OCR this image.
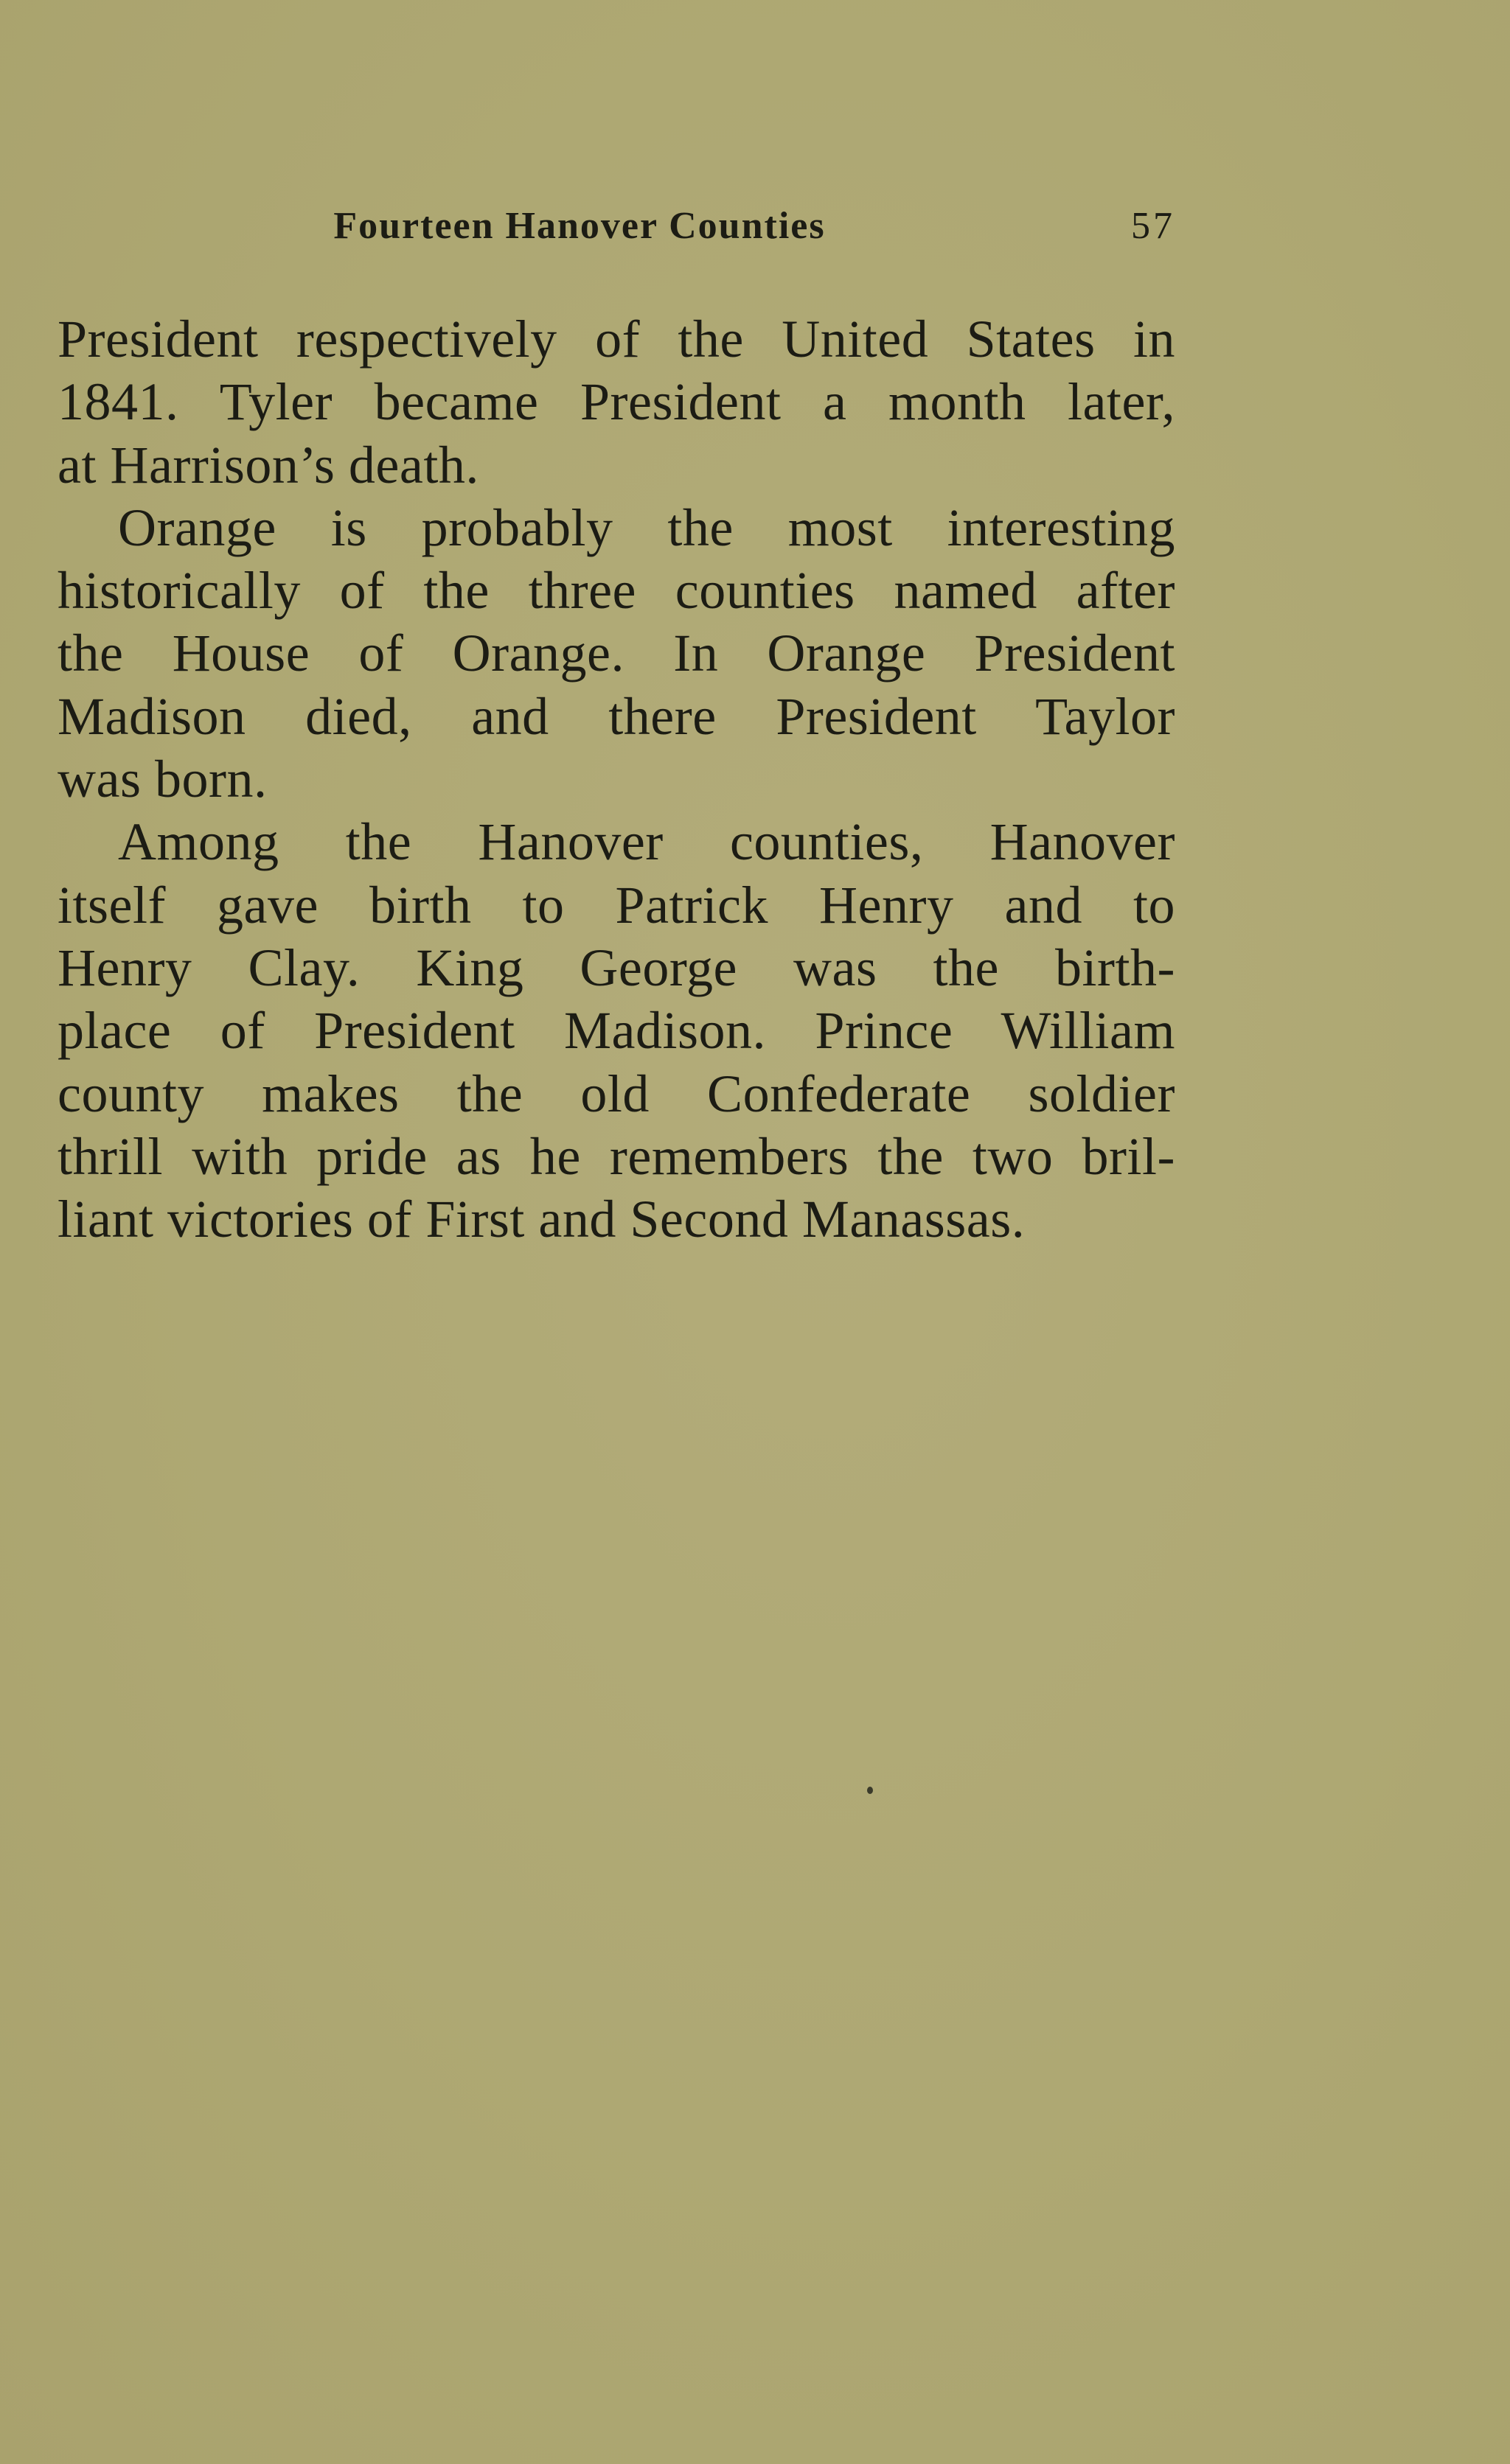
Fourteen Hanover Counties	57
President respectively of the United States in
1841. Tyler became President a month later,
at Harrison’s death.
Orange is probably the most interesting
historically of the three counties named after
the House of Orange. In Orange President
Madison died, and there President Taylor
was born.
Among the Hanover counties, Hanover
itself gave birth to Patrick Henry and to
Henry Clay. King George was the birth-
place of President Madison. Prince William
county makes the old Confederate soldier
thrill with pride as he remembers the two bril-
liant victories of First and Second Manassas.
